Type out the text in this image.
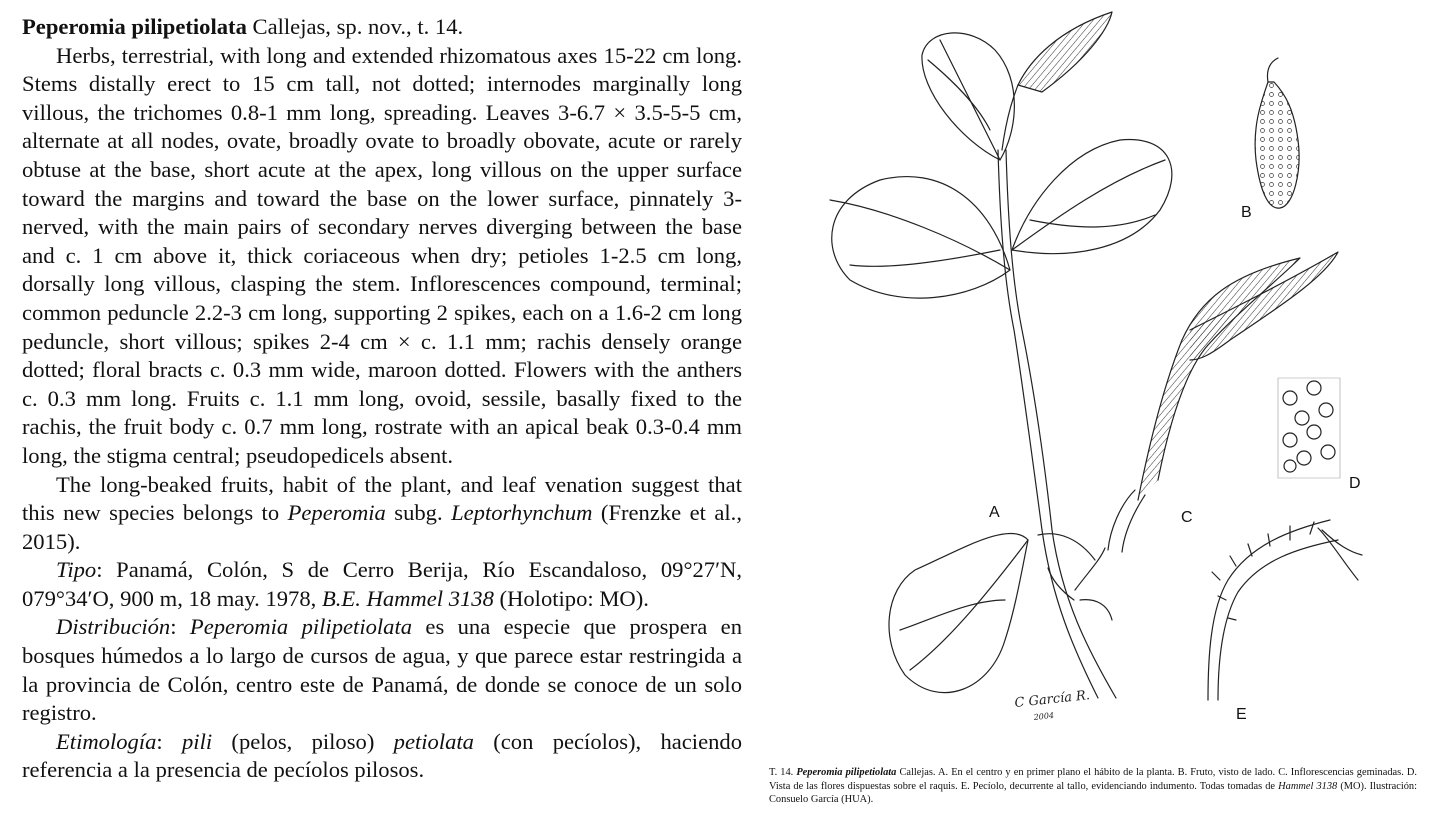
Peperomia pilipetiolata Callejas, sp. nov., t. 14.

Herbs, terrestrial, with long and extended rhizomatous axes 15-22 cm long. Stems distally erect to 15 cm tall, not dotted; internodes marginally long villous, the trichomes 0.8-1 mm long, spreading. Leaves 3-6.7 × 3.5-5-5 cm, alternate at all nodes, ovate, broadly ovate to broadly obovate, acute or rarely obtuse at the base, short acute at the apex, long villous on the upper surface toward the margins and toward the base on the lower surface, pinnately 3-nerved, with the main pairs of secondary nerves diverging between the base and c. 1 cm above it, thick coriaceous when dry; petioles 1-2.5 cm long, dorsally long villous, clasping the stem. Inflorescences compound, terminal; common peduncle 2.2-3 cm long, supporting 2 spikes, each on a 1.6-2 cm long peduncle, short villous; spikes 2-4 cm × c. 1.1 mm; rachis densely orange dotted; floral bracts c. 0.3 mm wide, maroon dotted. Flowers with the anthers c. 0.3 mm long. Fruits c. 1.1 mm long, ovoid, sessile, basally fixed to the rachis, the fruit body c. 0.7 mm long, rostrate with an apical beak 0.3-0.4 mm long, the stigma central; pseudopedicels absent.

The long-beaked fruits, habit of the plant, and leaf venation suggest that this new species belongs to Peperomia subg. Leptorhynchum (Frenzke et al., 2015).

Tipo: Panamá, Colón, S de Cerro Berija, Río Escandaloso, 09°27′N, 079°34′O, 900 m, 18 may. 1978, B.E. Hammel 3138 (Holotipo: MO).

Distribución: Peperomia pilipetiolata es una especie que prospera en bosques húmedos a lo largo de cursos de agua, y que parece estar restringida a la provincia de Colón, centro este de Panamá, de donde se conoce de un solo registro.

Etimología: pili (pelos, piloso) petiolata (con pecíolos), haciendo referencia a la presencia de pecíolos pilosos.

A
B
C
D
E
C García R.
2004
T. 14. Peperomia pilipetiolata Callejas. A. En el centro y en primer plano el hábito de la planta. B. Fruto, visto de lado. C. Inflorescencias geminadas. D. Vista de las flores dispuestas sobre el raquis. E. Pecíolo, decurrente al tallo, evidenciando indumento. Todas tomadas de Hammel 3138 (MO). Ilustración: Consuelo García (HUA).
